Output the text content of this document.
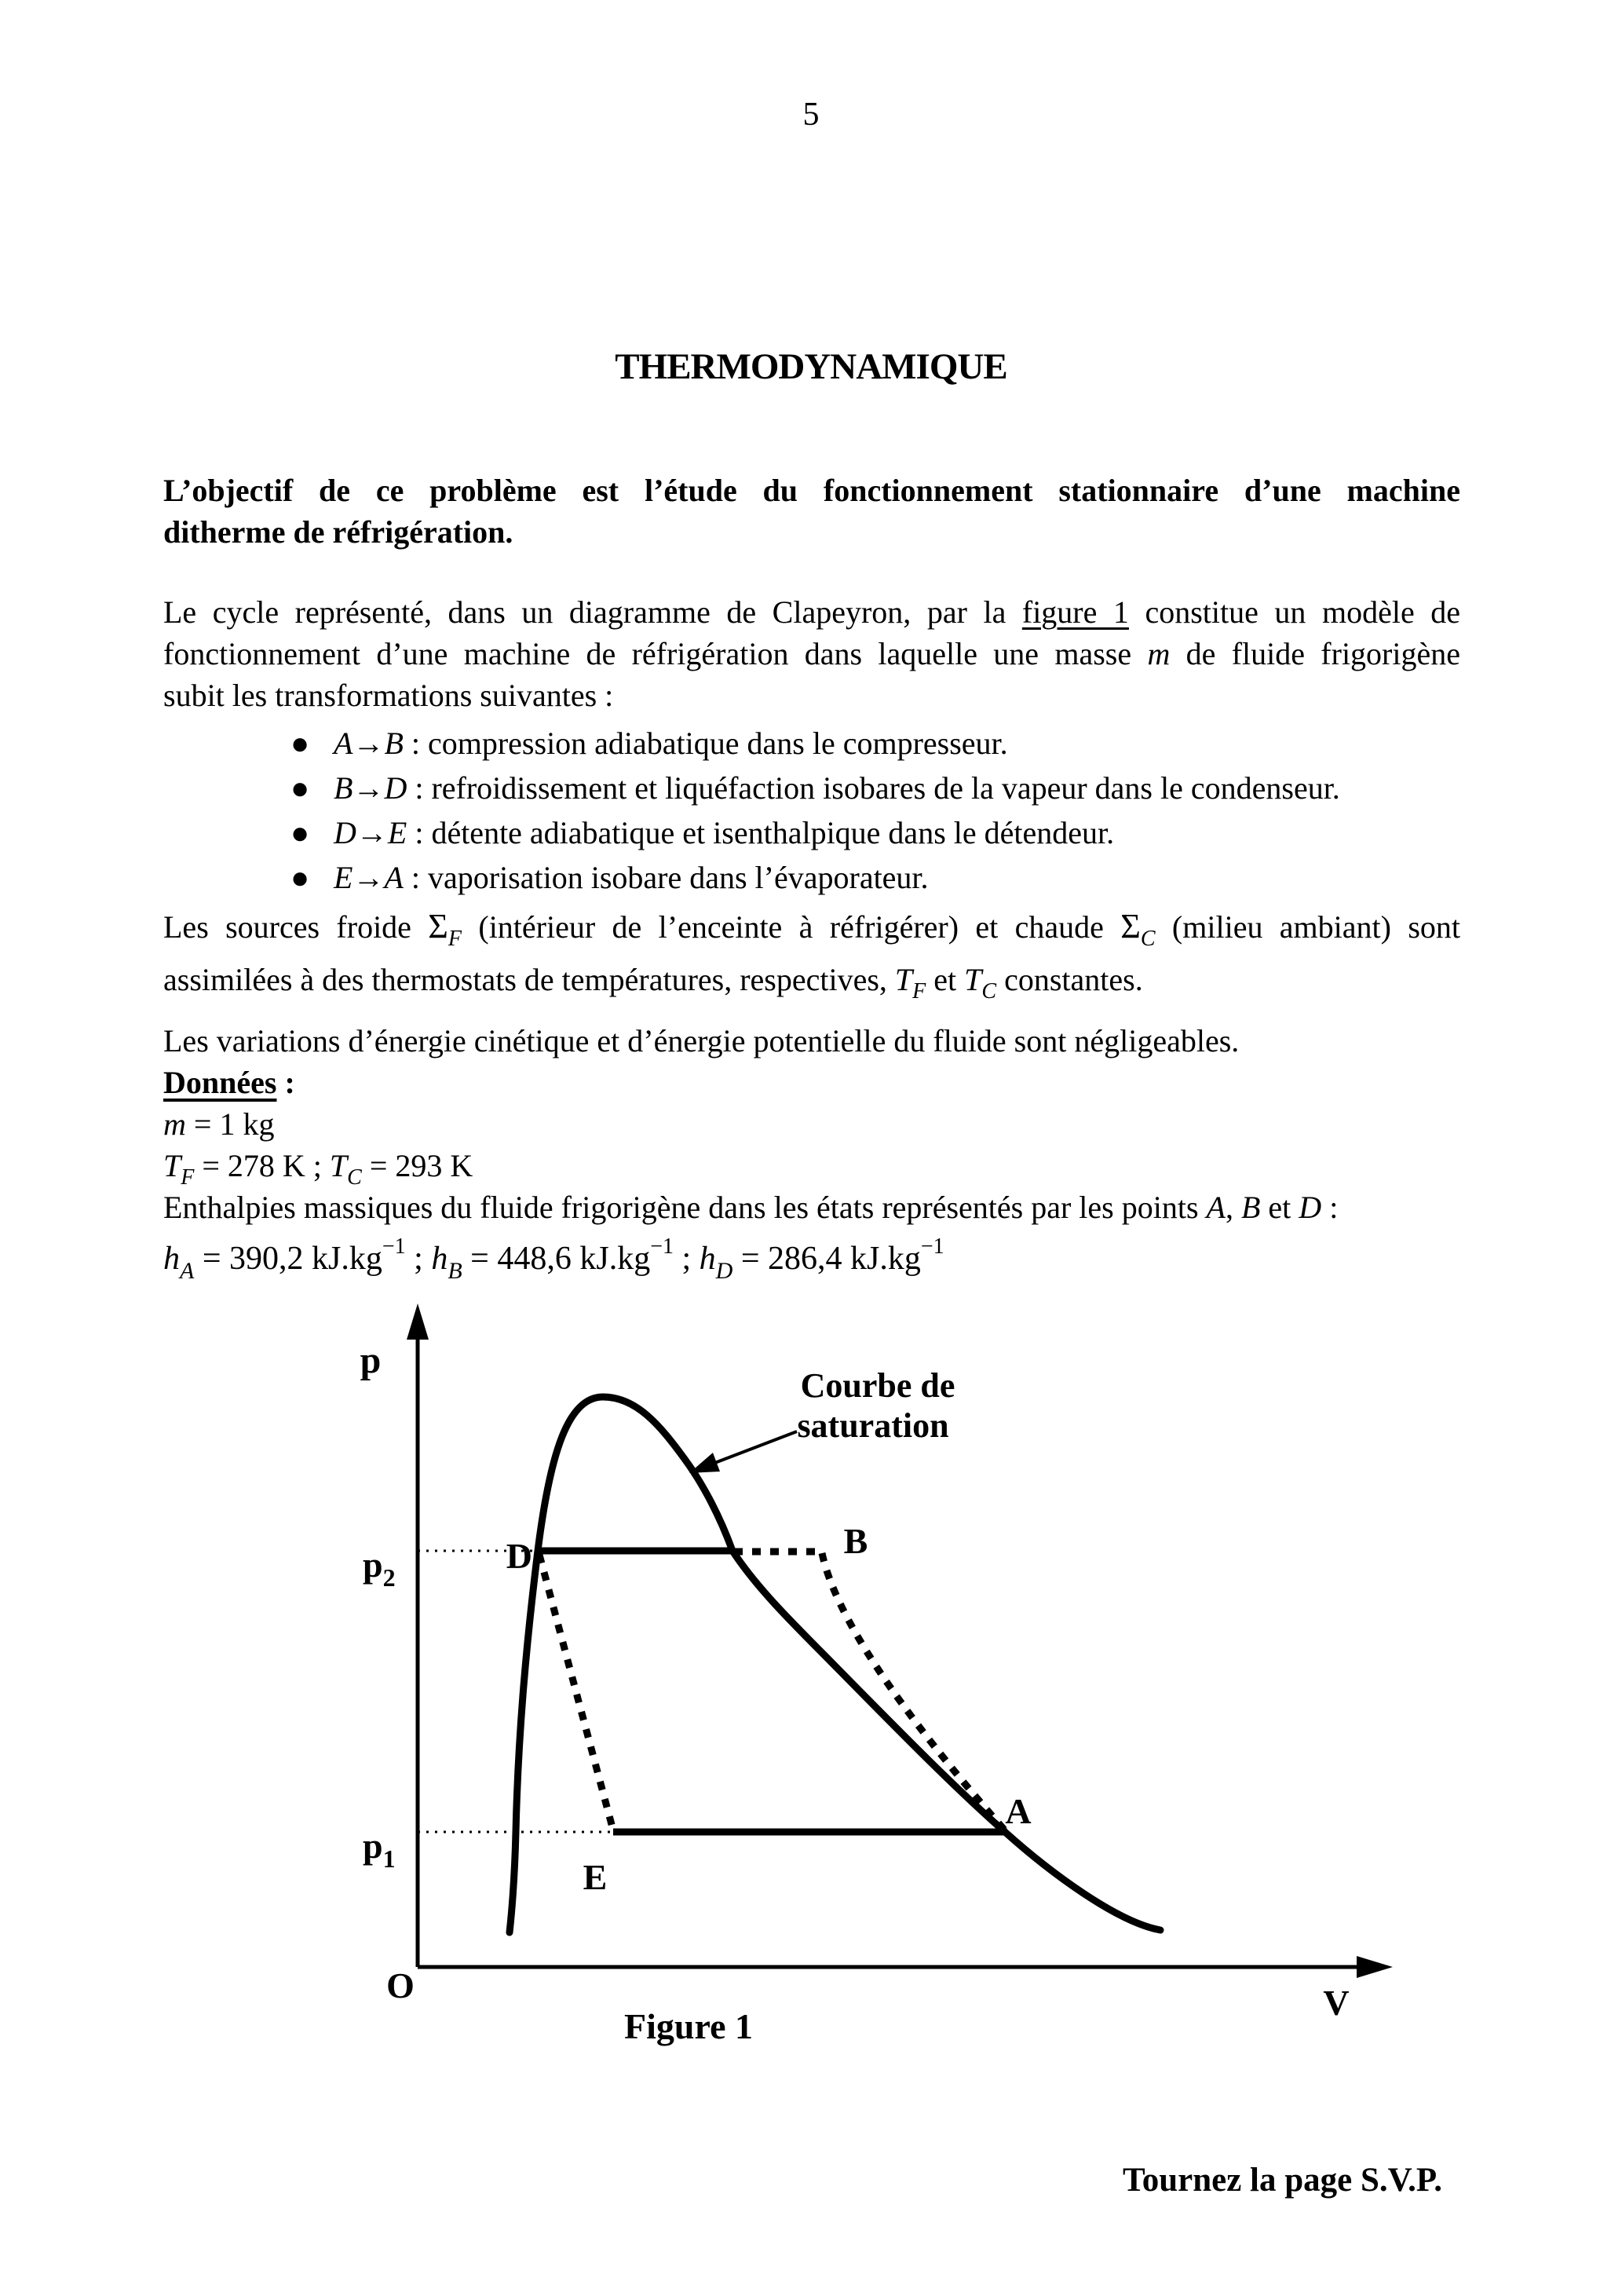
5
THERMODYNAMIQUE
L’objectif de ce problème est l’étude du fonctionnement stationnaire d’une machine
ditherme de réfrigération.
Le cycle représenté, dans un diagramme de Clapeyron, par la figure 1 constitue un modèle de
fonctionnement d’une machine de réfrigération dans laquelle une masse m de fluide frigorigène
subit les transformations suivantes :
● A→B : compression adiabatique dans le compresseur.
● B→D : refroidissement et liquéfaction isobares de la vapeur dans le condenseur.
● D→E : détente adiabatique et isenthalpique dans le détendeur.
● E→A : vaporisation isobare dans l’évaporateur.
Les sources froide $\Sigma_F$ (intérieur de l’enceinte à réfrigérer) et chaude $\Sigma_C$ (milieu ambiant) sont
assimilées à des thermostats de températures, respectives, $T_F$ et $T_C$ constantes.
Les variations d’énergie cinétique et d’énergie potentielle du fluide sont négligeables.
Données :
m = 1 kg
$T_F = 278$ K ; $T_C = 293$ K
Enthalpies massiques du fluide frigorigène dans les états représentés par les points A, B et D :
$h_A = 390,2$ $kJ.kg^{-1}$ ; $h_B = 448,6$ $kJ.kg^{-1}$ ; $h_D = 286,4$ $kJ.kg^{-1}$
p
V
O
$p_2$
$p_1$
D	B
E
A
Courbe de
saturation
Figure 1
Tournez la page S.V.P.
